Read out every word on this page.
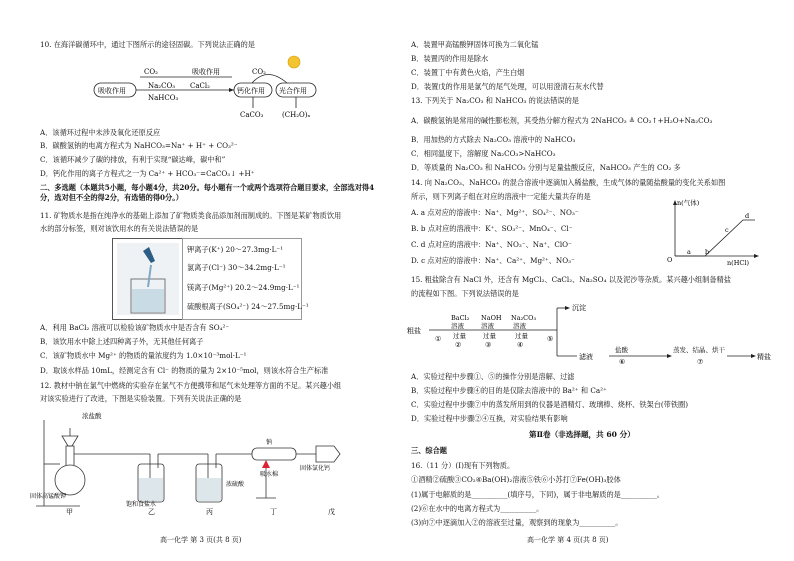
10. 在海洋碳循环中，通过下图所示的途径固碳。下列说法正确的是
CO₂	吸收作用
吸收作用
Na₂CO₃
NaHCO₃
CaCl₂
钙化作用 光合作用
CO₂
CaCO₃	(CH₂O)ₓ
A．该循环过程中未涉及氧化还原反应
B．碳酸氢钠的电离方程式为 NaHCO₃=Na⁺ + H⁺ + CO₃²⁻
C．该循环减少了碳的排放，有利于实现“碳达峰，碳中和”
D．钙化作用的离子方程式之一为 Ca²⁺ + HCO₃⁻=CaCO₃↓ +H⁺
二、多选题（本题共5小题，每小题4分，共20分。每小题有一个或两个选项符合题目要求，全部选对得4分，选对但不全的得2分，有选错的得0分。）
11. 矿物质水是指在纯净水的基础上添加了矿物质类食品添加剂而制成的。下图是某矿物质饮用
水的部分标签，则对该饮用水的有关说法错误的是
钾离子(K⁺) 20～27.3mg·L⁻¹
氯离子(Cl⁻) 30～34.2mg·L⁻¹
镁离子(Mg²⁺) 20.2～24.9mg·L⁻¹
硫酸根离子(SO₄²⁻) 24～27.5mg·L⁻¹
A．利用 BaCl₂ 溶液可以检验该矿物质水中是否含有 SO₄²⁻
B．该饮用水中除上述四种离子外，无其他任何离子
C．该矿物质水中 Mg²⁺ 的物质的量浓度约为 1.0×10⁻³mol·L⁻¹
D．取该水样品 10mL，经测定含有 Cl⁻ 的物质的量为 2×10⁻⁵mol，则该水符合生产标准
12. 教材中钠在氯气中燃烧的实验存在氯气不方便携带和尾气未处理等方面的不足。某兴趣小组
对该实验进行了改进，下图是实验装置。下列有关说法正确的是
浓盐酸
固体高锰酸钾
饱和食盐水
浓硫酸
钠
吸水棉
固体氯化钙
甲	乙	丙	丁	戊
高一化学 第 3 页(共 8 页)
A．装置甲高锰酸钾固体可换为二氧化锰
B．装置丙的作用是除水
C．装置丁中有黄色火焰，产生白烟
D．装置戊的作用是氯气的尾气处理，可以用澄清石灰水代替
13. 下列关于 Na₂CO₃ 和 NaHCO₃ 的说法错误的是
A．碳酸氢钠是常用的碱性膨松剂，其受热分解方程式为 2NaHCO₃ ≜ CO₂↑+H₂O+Na₂CO₃
B．用加热的方式除去 Na₂CO₃ 溶液中的 NaHCO₃
C．相同温度下，溶解度 Na₂CO₃>NaHCO₃
D．等质量的 Na₂CO₃ 和 NaHCO₃ 分别与足量盐酸反应，NaHCO₃ 产生的 CO₂ 多
14. 向 Na₂CO₃、NaHCO₃ 的混合溶液中逐滴加入稀盐酸，生成气体的量随盐酸量的变化关系如图
所示，则下列离子组在对应的溶液中一定能大量共存的是
A. a 点对应的溶液中：Na⁺、Mg²⁺、SO₄²⁻、NO₃⁻
B. b 点对应的溶液中：K⁺、SO₃²⁻、MnO₄⁻、Cl⁻
C. d 点对应的溶液中：Na⁺、NO₃⁻、Na⁺、ClO⁻
D. c 点对应的溶液中：Na⁺、Ca²⁺、Mg²⁺、NO₃⁻
n(气体)
n(HCl)
O
a b
c
d
15. 粗盐除含有 NaCl 外，还含有 MgCl₂、CaCl₂、Na₂SO₄ 以及泥沙等杂质。某兴趣小组制备精盐
的流程如下图。下列说法错误的是
粗盐
①
BaCl₂
溶液
过量
②
NaOH
溶液
过量
③
Na₂CO₃
溶液
过量
④
⑤
沉淀
滤液
盐酸
⑥
蒸发、结晶、烘干
⑦
精盐
A．实验过程中步骤①、⑤的操作分别是溶解、过滤
B．实验过程中步骤④的目的是仅除去溶液中的 Ba²⁺ 和 Ca²⁺
C．实验过程中步骤⑦中的蒸发所用到的仪器是酒精灯、玻璃棒、烧杯、铁架台(带铁圈)
D．实验过程中步骤②④互换，对实验结果有影响
第Ⅱ卷（非选择题，共 60 分）
三、综合题
16.（11 分）(Ⅰ)现有下列物质。
①酒精②硫酸③CO₂④Ba(OH)₂溶液⑤铁⑥小苏打⑦Fe(OH)₃胶体
(1)属于电解质的是__________(填序号，下同)，属于非电解质的是__________。
(2)⑥在水中的电离方程式为__________。
(3)向⑦中逐滴加入②的溶液至过量，观察到的现象为__________。
高一化学 第 4 页(共 8 页)
